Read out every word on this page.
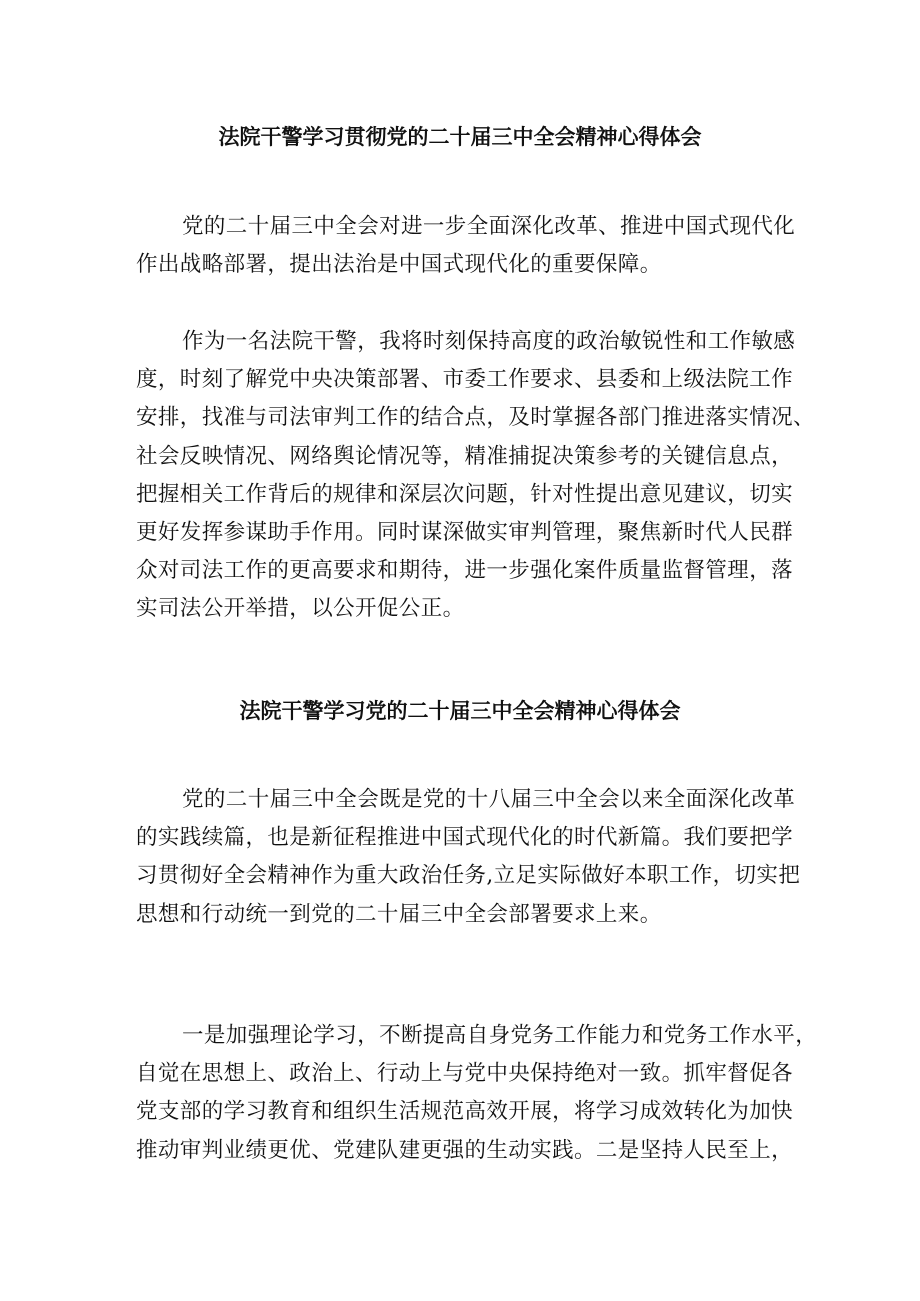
法院干警学习贯彻党的二十届三中全会精神心得体会

党的二十届三中全会对进一步全面深化改革、推进中国式现代化
作出战略部署，提出法治是中国式现代化的重要保障。

作为一名法院干警，我将时刻保持高度的政治敏锐性和工作敏感
度，时刻了解党中央决策部署、市委工作要求、县委和上级法院工作
安排，找准与司法审判工作的结合点，及时掌握各部门推进落实情况、
社会反映情况、网络舆论情况等，精准捕捉决策参考的关键信息点，
把握相关工作背后的规律和深层次问题，针对性提出意见建议，切实
更好发挥参谋助手作用。同时谋深做实审判管理，聚焦新时代人民群
众对司法工作的更高要求和期待，进一步强化案件质量监督管理，落
实司法公开举措，以公开促公正。

法院干警学习党的二十届三中全会精神心得体会

党的二十届三中全会既是党的十八届三中全会以来全面深化改革
的实践续篇，也是新征程推进中国式现代化的时代新篇。我们要把学
习贯彻好全会精神作为重大政治任务,立足实际做好本职工作，切实把
思想和行动统一到党的二十届三中全会部署要求上来。

一是加强理论学习，不断提高自身党务工作能力和党务工作水平，
自觉在思想上、政治上、行动上与党中央保持绝对一致。抓牢督促各
党支部的学习教育和组织生活规范高效开展，将学习成效转化为加快
推动审判业绩更优、党建队建更强的生动实践。二是坚持人民至上，
